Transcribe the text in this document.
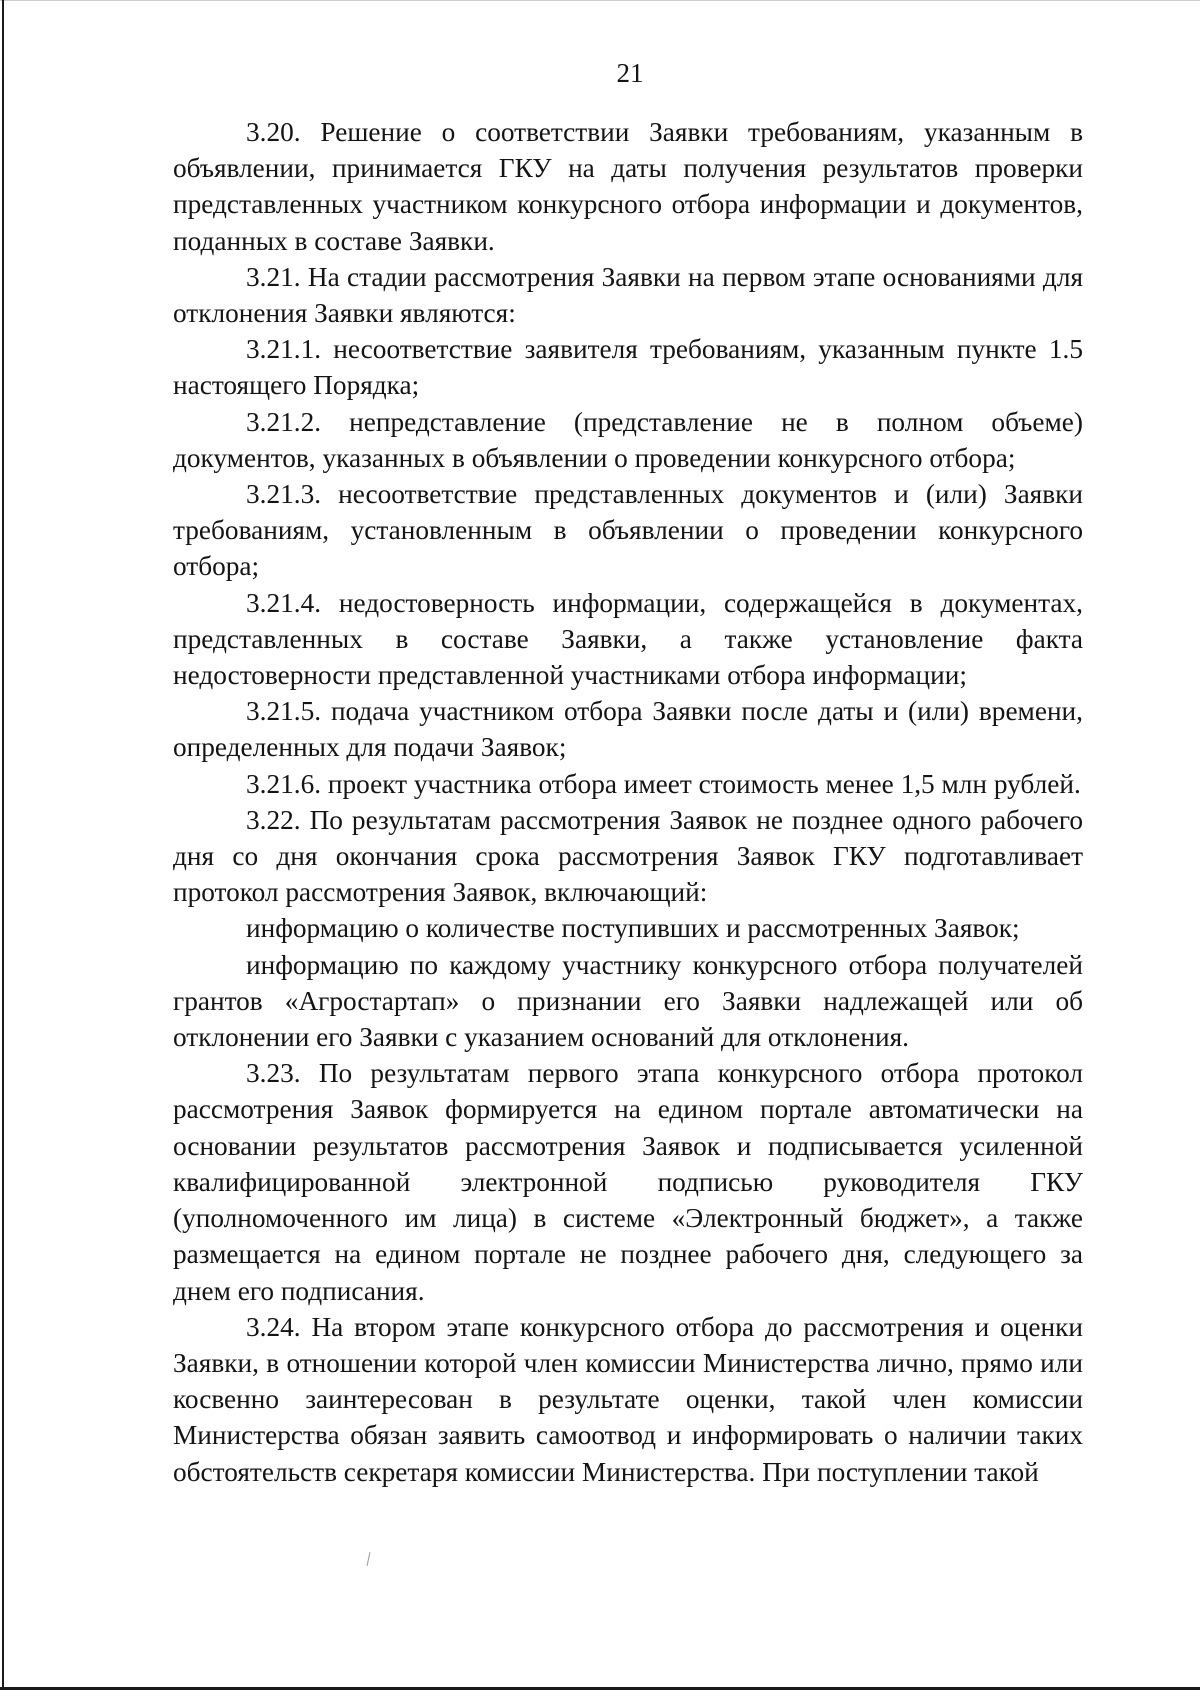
21

3.20. Решение о соответствии Заявки требованиям, указанным в объявлении, принимается ГКУ на даты получения результатов проверки представленных участником конкурсного отбора информации и документов, поданных в составе Заявки.

3.21. На стадии рассмотрения Заявки на первом этапе основаниями для отклонения Заявки являются:

3.21.1. несоответствие заявителя требованиям, указанным пункте 1.5 настоящего Порядка;

3.21.2. непредставление (представление не в полном объеме) документов, указанных в объявлении о проведении конкурсного отбора;

3.21.3. несоответствие представленных документов и (или) Заявки требованиям, установленным в объявлении о проведении конкурсного отбора;

3.21.4. недостоверность информации, содержащейся в документах, представленных в составе Заявки, а также установление факта недостоверности представленной участниками отбора информации;

3.21.5. подача участником отбора Заявки после даты и (или) времени, определенных для подачи Заявок;

3.21.6. проект участника отбора имеет стоимость менее 1,5 млн рублей.

3.22. По результатам рассмотрения Заявок не позднее одного рабочего дня со дня окончания срока рассмотрения Заявок ГКУ подготавливает протокол рассмотрения Заявок, включающий:

информацию о количестве поступивших и рассмотренных Заявок;

информацию по каждому участнику конкурсного отбора получателей грантов «Агростартап» о признании его Заявки надлежащей или об отклонении его Заявки с указанием оснований для отклонения.

3.23. По результатам первого этапа конкурсного отбора протокол рассмотрения Заявок формируется на едином портале автоматически на основании результатов рассмотрения Заявок и подписывается усиленной квалифицированной электронной подписью руководителя ГКУ (уполномоченного им лица) в системе «Электронный бюджет», а также размещается на едином портале не позднее рабочего дня, следующего за днем его подписания.

3.24. На втором этапе конкурсного отбора до рассмотрения и оценки Заявки, в отношении которой член комиссии Министерства лично, прямо или косвенно заинтересован в результате оценки, такой член комиссии Министерства обязан заявить самоотвод и информировать о наличии таких обстоятельств секретаря комиссии Министерства. При поступлении такой
